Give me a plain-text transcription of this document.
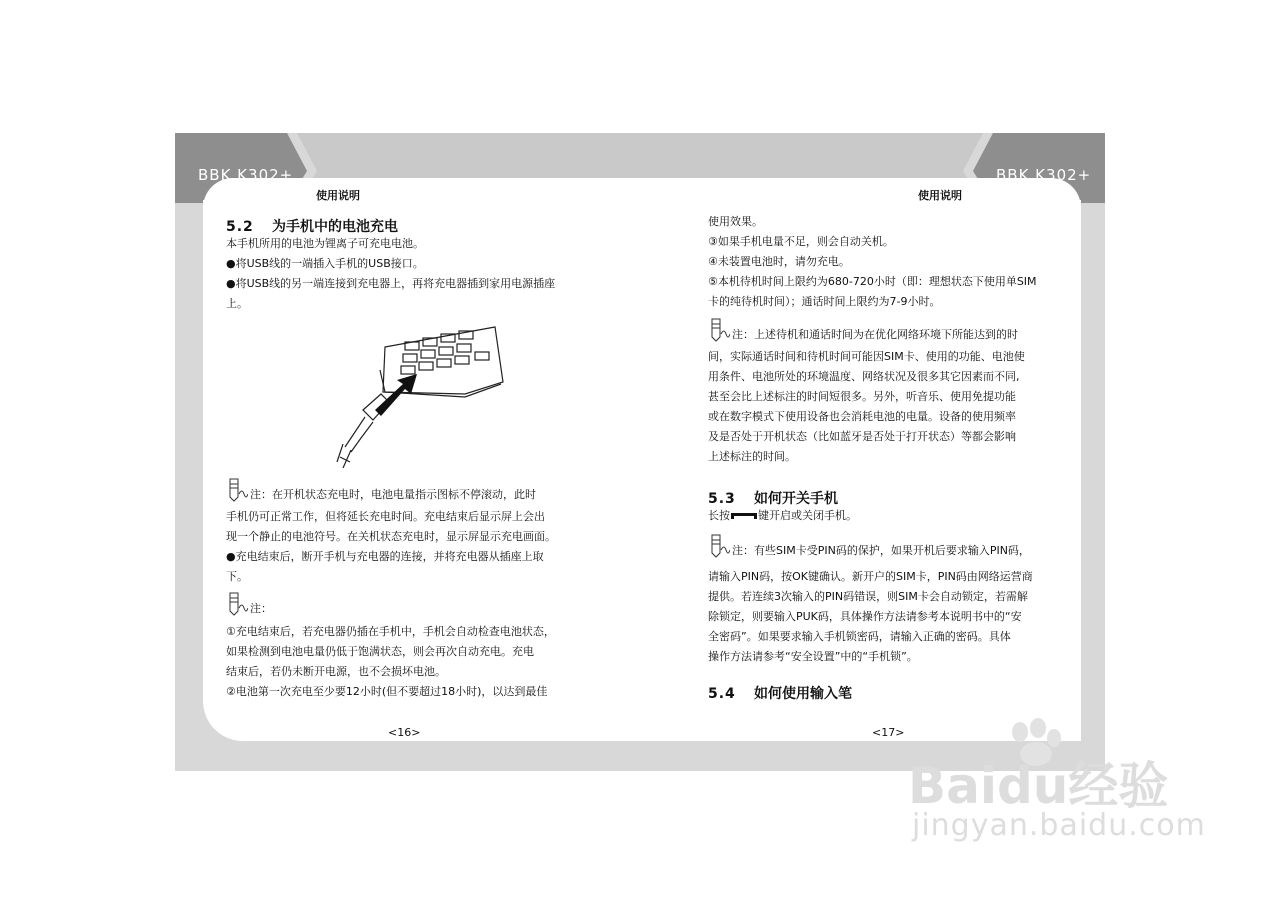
BBK K302+	BBK K302+
使用说明	使用说明
5.2 为手机中的电池充电
本手机所用的电池为锂离子可充电电池。
●将USB线的一端插入手机的USB接口。
●将USB线的另一端连接到充电器上，再将充电器插到家用电源插座
上。
注：在开机状态充电时，电池电量指示图标不停滚动，此时
手机仍可正常工作，但将延长充电时间。充电结束后显示屏上会出
现一个静止的电池符号。在关机状态充电时，显示屏显示充电画面。
●充电结束后，断开手机与充电器的连接，并将充电器从插座上取
下。
注：
①充电结束后，若充电器仍插在手机中，手机会自动检查电池状态，
如果检测到电池电量仍低于饱满状态，则会再次自动充电。充电
结束后，若仍未断开电源，也不会损坏电池。
②电池第一次充电至少要12小时(但不要超过18小时)，以达到最佳
<16>
使用效果。
③如果手机电量不足，则会自动关机。
④未装置电池时，请勿充电。
⑤本机待机时间上限约为680-720小时（即：理想状态下使用单SIM
卡的纯待机时间）；通话时间上限约为7-9小时。
注：上述待机和通话时间为在优化网络环境下所能达到的时
间，实际通话时间和待机时间可能因SIM卡、使用的功能、电池使
用条件、电池所处的环境温度、网络状况及很多其它因素而不同,
甚至会比上述标注的时间短很多。另外，听音乐、使用免提功能
或在数字模式下使用设备也会消耗电池的电量。设备的使用频率
及是否处于开机状态（比如蓝牙是否处于打开状态）等都会影响
上述标注的时间。
5.3 如何开关手机
长按	键开启或关闭手机。
注：有些SIM卡受PIN码的保护，如果开机后要求输入PIN码，
请输入PIN码，按OK键确认。新开户的SIM卡，PIN码由网络运营商
提供。若连续3次输入的PIN码错误，则SIM卡会自动锁定，若需解
除锁定，则要输入PUK码，具体操作方法请参考本说明书中的“安
全密码”。如果要求输入手机锁密码，请输入正确的密码。具体
操作方法请参考“安全设置”中的“手机锁”。
5.4 如何使用输入笔
<17>
Baidu经验
jingyan.baidu.com
